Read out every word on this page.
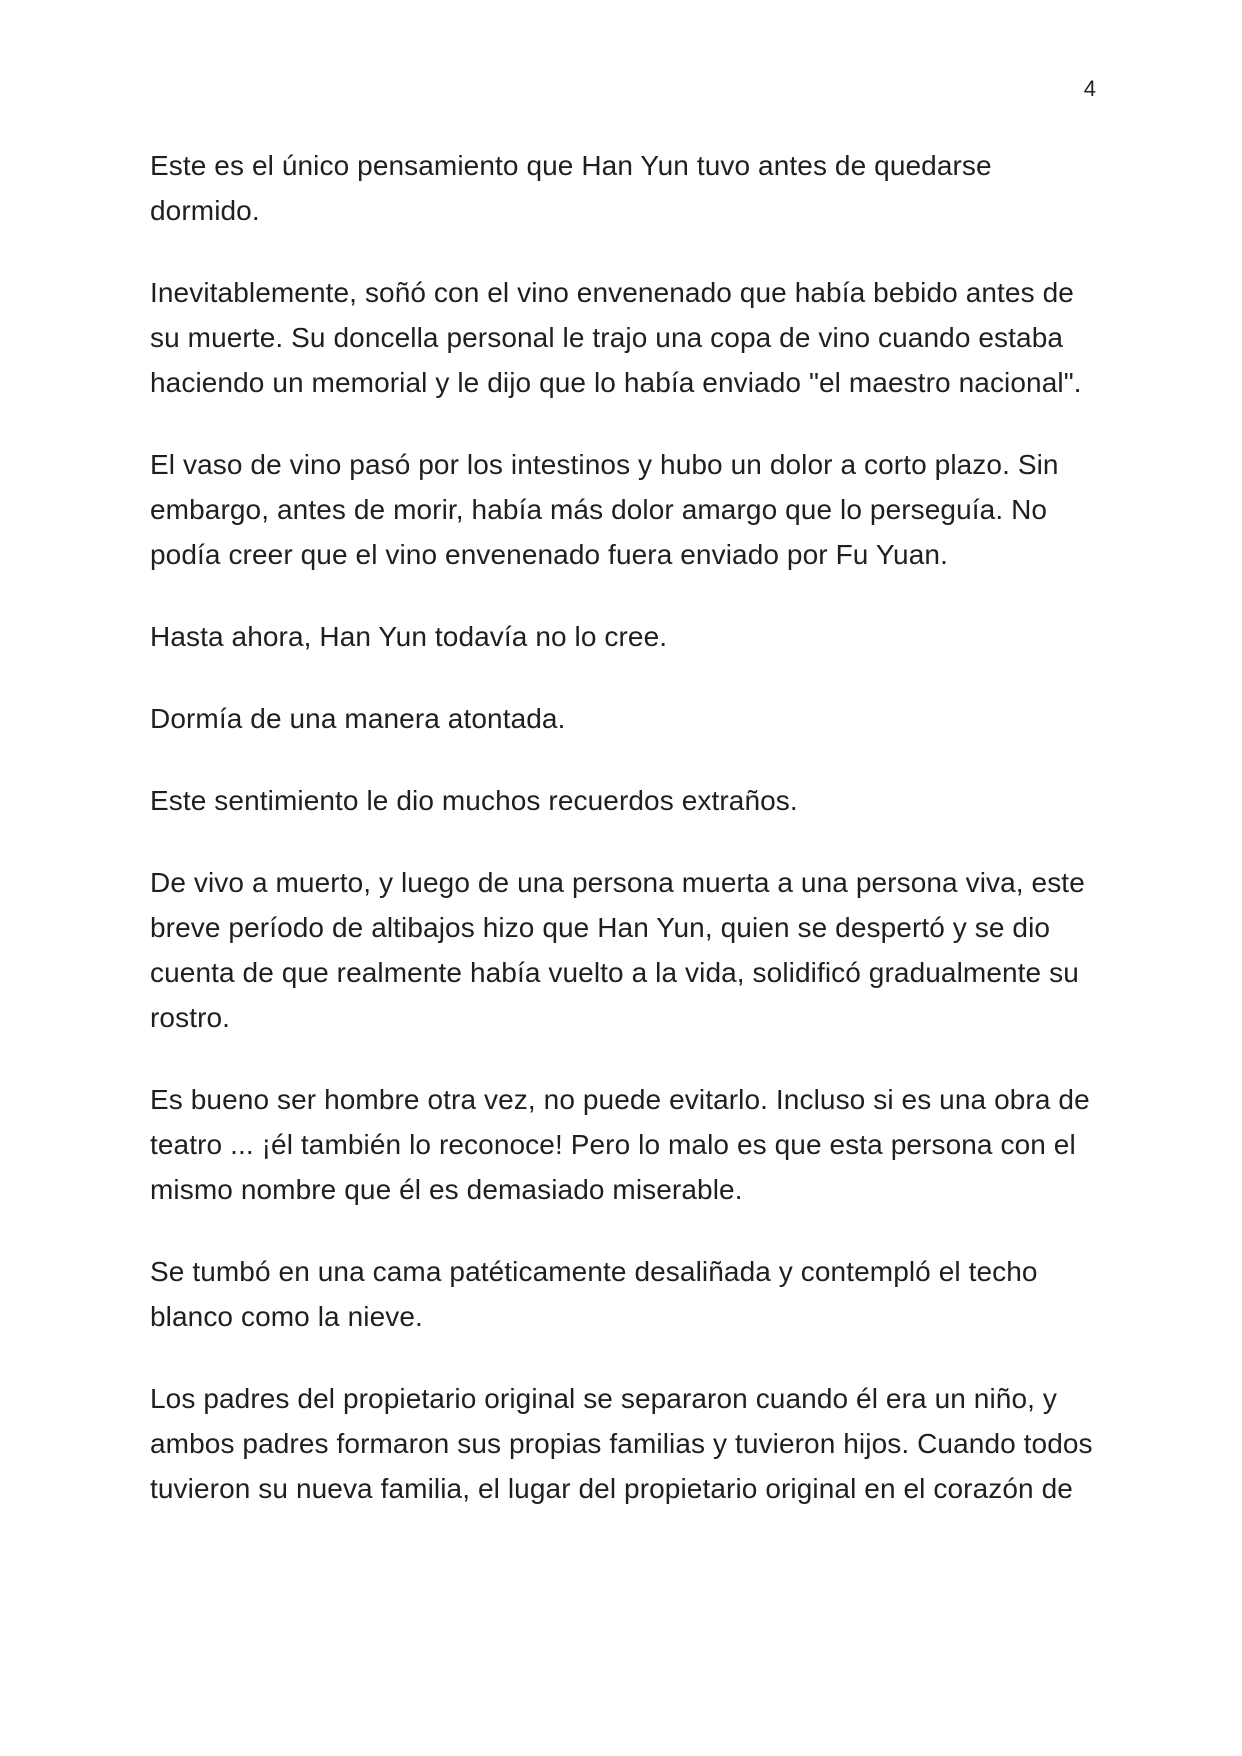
4

Este es el único pensamiento que Han Yun tuvo antes de quedarse dormido.

Inevitablemente, soñó con el vino envenenado que había bebido antes de su muerte. Su doncella personal le trajo una copa de vino cuando estaba haciendo un memorial y le dijo que lo había enviado "el maestro nacional".

El vaso de vino pasó por los intestinos y hubo un dolor a corto plazo. Sin embargo, antes de morir, había más dolor amargo que lo perseguía. No podía creer que el vino envenenado fuera enviado por Fu Yuan.

Hasta ahora, Han Yun todavía no lo cree.

Dormía de una manera atontada.

Este sentimiento le dio muchos recuerdos extraños.

De vivo a muerto, y luego de una persona muerta a una persona viva, este breve período de altibajos hizo que Han Yun, quien se despertó y se dio cuenta de que realmente había vuelto a la vida, solidificó gradualmente su rostro.

Es bueno ser hombre otra vez, no puede evitarlo. Incluso si es una obra de teatro ... ¡él también lo reconoce! Pero lo malo es que esta persona con el mismo nombre que él es demasiado miserable.

Se tumbó en una cama patéticamente desaliñada y contempló el techo blanco como la nieve.

Los padres del propietario original se separaron cuando él era un niño, y ambos padres formaron sus propias familias y tuvieron hijos. Cuando todos tuvieron su nueva familia, el lugar del propietario original en el corazón de
